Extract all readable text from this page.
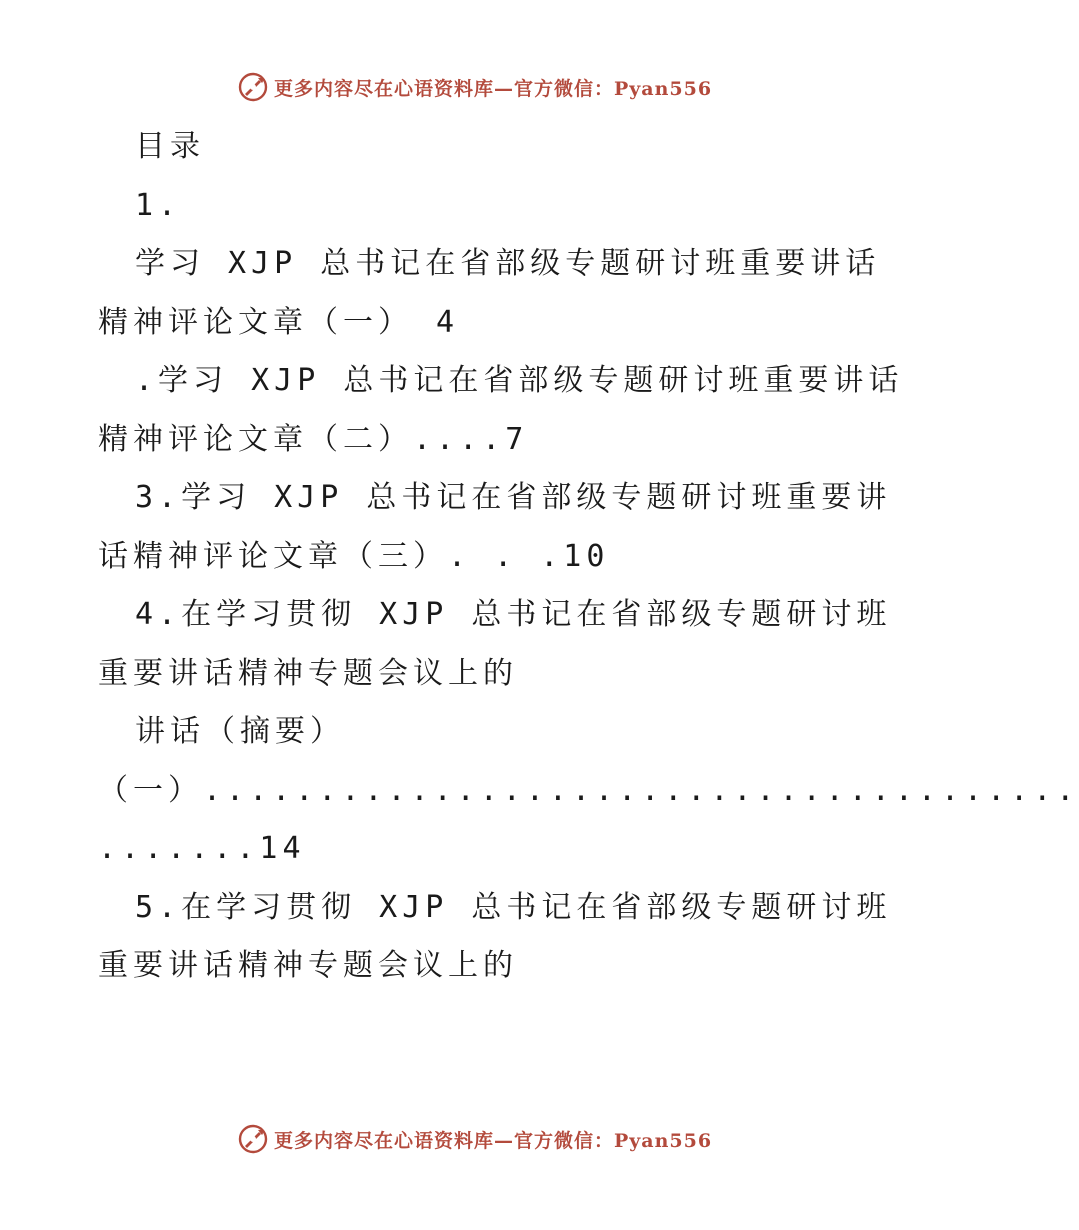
更多内容尽在心语资料库—官方微信：Pyan556
目录
1.
学习 XJP 总书记在省部级专题研讨班重要讲话
精神评论文章（一） 4
.学习 XJP 总书记在省部级专题研讨班重要讲话
精神评论文章（二）....7
3.学习 XJP 总书记在省部级专题研讨班重要讲
话精神评论文章（三）. . .10
4.在学习贯彻 XJP 总书记在省部级专题研讨班
重要讲话精神专题会议上的
讲话（摘要）
（一）......................................
.......14
5.在学习贯彻 XJP 总书记在省部级专题研讨班
重要讲话精神专题会议上的
更多内容尽在心语资料库—官方微信：Pyan556
